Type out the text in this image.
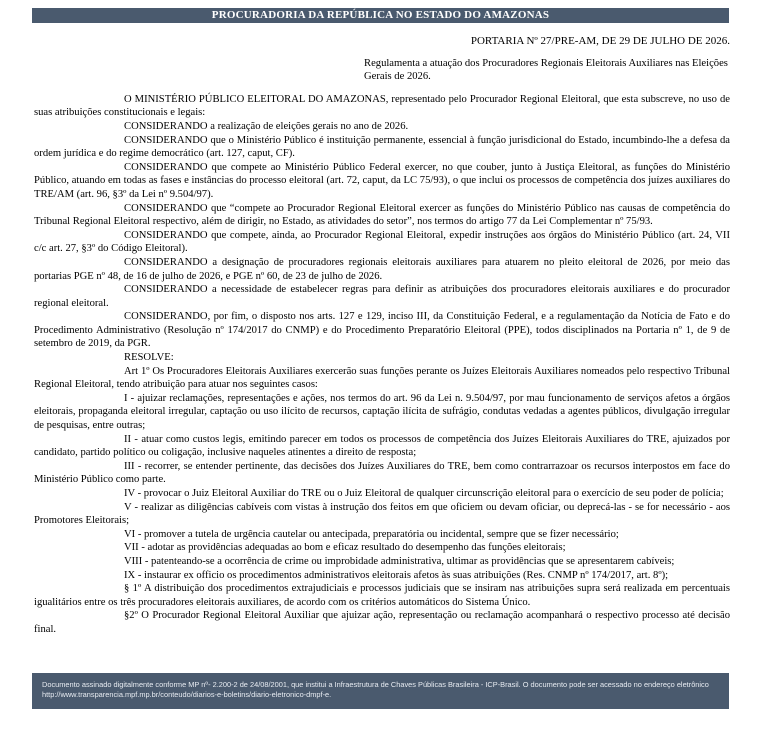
PROCURADORIA DA REPÚBLICA NO ESTADO DO AMAZONAS
PORTARIA Nº 27/PRE-AM, DE 29 DE JULHO DE 2026.
Regulamenta a atuação dos Procuradores Regionais Eleitorais Auxiliares nas Eleições Gerais de 2026.

O MINISTÉRIO PÚBLICO ELEITORAL DO AMAZONAS, representado pelo Procurador Regional Eleitoral, que esta subscreve, no uso de suas atribuições constitucionais e legais:

CONSIDERANDO a realização de eleições gerais no ano de 2026.

CONSIDERANDO que o Ministério Público é instituição permanente, essencial à função jurisdicional do Estado, incumbindo-lhe a defesa da ordem jurídica e do regime democrático (art. 127, caput, CF).

CONSIDERANDO que compete ao Ministério Público Federal exercer, no que couber, junto à Justiça Eleitoral, as funções do Ministério Público, atuando em todas as fases e instâncias do processo eleitoral (art. 72, caput, da LC 75/93), o que inclui os processos de competência dos juízes auxiliares do TRE/AM (art. 96, §3º da Lei nº 9.504/97).

CONSIDERANDO que “compete ao Procurador Regional Eleitoral exercer as funções do Ministério Público nas causas de competência do Tribunal Regional Eleitoral respectivo, além de dirigir, no Estado, as atividades do setor”, nos termos do artigo 77 da Lei Complementar nº 75/93.

CONSIDERANDO que compete, ainda, ao Procurador Regional Eleitoral, expedir instruções aos órgãos do Ministério Público (art. 24, VII c/c art. 27, §3º do Código Eleitoral).

CONSIDERANDO a designação de procuradores regionais eleitorais auxiliares para atuarem no pleito eleitoral de 2026, por meio das portarias PGE nº 48, de 16 de julho de 2026, e PGE nº 60, de 23 de julho de 2026.

CONSIDERANDO a necessidade de estabelecer regras para definir as atribuições dos procuradores eleitorais auxiliares e do procurador regional eleitoral.

CONSIDERANDO, por fim, o disposto nos arts. 127 e 129, inciso III, da Constituição Federal, e a regulamentação da Notícia de Fato e do Procedimento Administrativo (Resolução nº 174/2017 do CNMP) e do Procedimento Preparatório Eleitoral (PPE), todos disciplinados na Portaria nº 1, de 9 de setembro de 2019, da PGR.

RESOLVE:

Art 1º Os Procuradores Eleitorais Auxiliares exercerão suas funções perante os Juízes Eleitorais Auxiliares nomeados pelo respectivo Tribunal Regional Eleitoral, tendo atribuição para atuar nos seguintes casos:

I - ajuizar reclamações, representações e ações, nos termos do art. 96 da Lei n. 9.504/97, por mau funcionamento de serviços afetos a órgãos eleitorais, propaganda eleitoral irregular, captação ou uso ilícito de recursos, captação ilícita de sufrágio, condutas vedadas a agentes públicos, divulgação irregular de pesquisas, entre outras;

II - atuar como custos legis, emitindo parecer em todos os processos de competência dos Juízes Eleitorais Auxiliares do TRE, ajuizados por candidato, partido político ou coligação, inclusive naqueles atinentes a direito de resposta;

III - recorrer, se entender pertinente, das decisões dos Juízes Auxiliares do TRE, bem como contrarrazoar os recursos interpostos em face do Ministério Público como parte.

IV - provocar o Juiz Eleitoral Auxiliar do TRE ou o Juiz Eleitoral de qualquer circunscrição eleitoral para o exercício de seu poder de polícia;

V - realizar as diligências cabíveis com vistas à instrução dos feitos em que oficiem ou devam oficiar, ou deprecá-las - se for necessário - aos Promotores Eleitorais;

VI - promover a tutela de urgência cautelar ou antecipada, preparatória ou incidental, sempre que se fizer necessário;

VII - adotar as providências adequadas ao bom e eficaz resultado do desempenho das funções eleitorais;

VIII - patenteando-se a ocorrência de crime ou improbidade administrativa, ultimar as providências que se apresentarem cabíveis;

IX - instaurar ex officio os procedimentos administrativos eleitorais afetos às suas atribuições (Res. CNMP nº 174/2017, art. 8º);

§ 1º A distribuição dos procedimentos extrajudiciais e processos judiciais que se insiram nas atribuições supra será realizada em percentuais igualitários entre os três procuradores eleitorais auxiliares, de acordo com os critérios automáticos do Sistema Único.

§2º O Procurador Regional Eleitoral Auxiliar que ajuizar ação, representação ou reclamação acompanhará o respectivo processo até decisão final.

Documento assinado digitalmente conforme MP nº- 2.200-2 de 24/08/2001, que institui a Infraestrutura de Chaves Públicas Brasileira - ICP-Brasil. O documento pode ser acessado no endereço eletrônico http://www.transparencia.mpf.mp.br/conteudo/diarios-e-boletins/diario-eletronico-dmpf-e.
